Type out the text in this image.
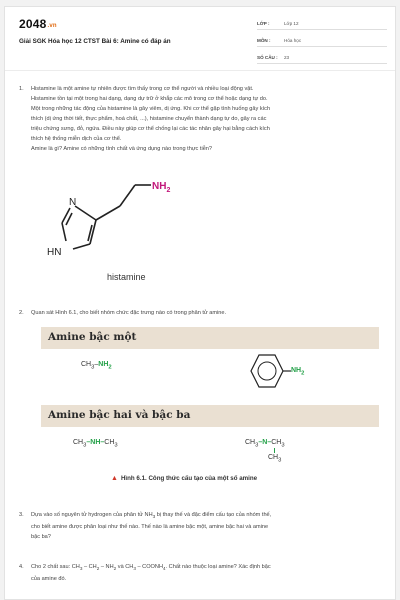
2048.vn
Giải SGK Hóa học 12 CTST Bài 6: Amine có đáp án
LỚP :	Lớp 12
MÔN :	Hóa học
SỐ CÂU : 23
1. Histamine là một amine tự nhiên được tìm thấy trong cơ thể người và nhiều loại động vật.

Histamine tồn tại một trong hai dạng, dạng dự trữ ở khắp các mô trong cơ thể hoặc dạng tự do.

Một trong những tác động của histamine là gây viêm, dị ứng. Khi cơ thể gặp tình huống gây kích

thích (dị ứng thời tiết, thực phẩm, hoá chất, ...), histamine chuyển thành dạng tự do, gây ra các

triệu chứng sưng, đỏ, ngứa. Điều này giúp cơ thể chống lại các tác nhân gây hại bằng cách kích

thích hệ thống miễn dịch của cơ thể.

Amine là gì? Amine có những tính chất và ứng dụng nào trong thực tiễn?

N
HN
$NH_2$
histamine
2. Quan sát Hình 6.1, cho biết nhóm chức đặc trưng nào có trong phân tử amine.
Amine bậc một
$CH_3-NH_2$	$NH_2$
Amine bậc hai và bậc ba
$CH_3-NH-CH_3$	$CH_3-N-CH_3$
$CH_3$
▲ Hình 6.1. Công thức cấu tạo của một số amine
3. Dựa vào số nguyên tử hydrogen của phân tử $NH_3$ bị thay thế và đặc điểm cấu tạo của nhóm thế,

cho biết amine được phân loại như thế nào. Thế nào là amine bậc một, amine bậc hai và amine

bậc ba?

4. Cho 2 chất sau: $CH_3 - CH_2 - NH_2$ và $CH_3$ – $COONH_4$. Chất nào thuộc loại amine? Xác định bậc

của amine đó.
